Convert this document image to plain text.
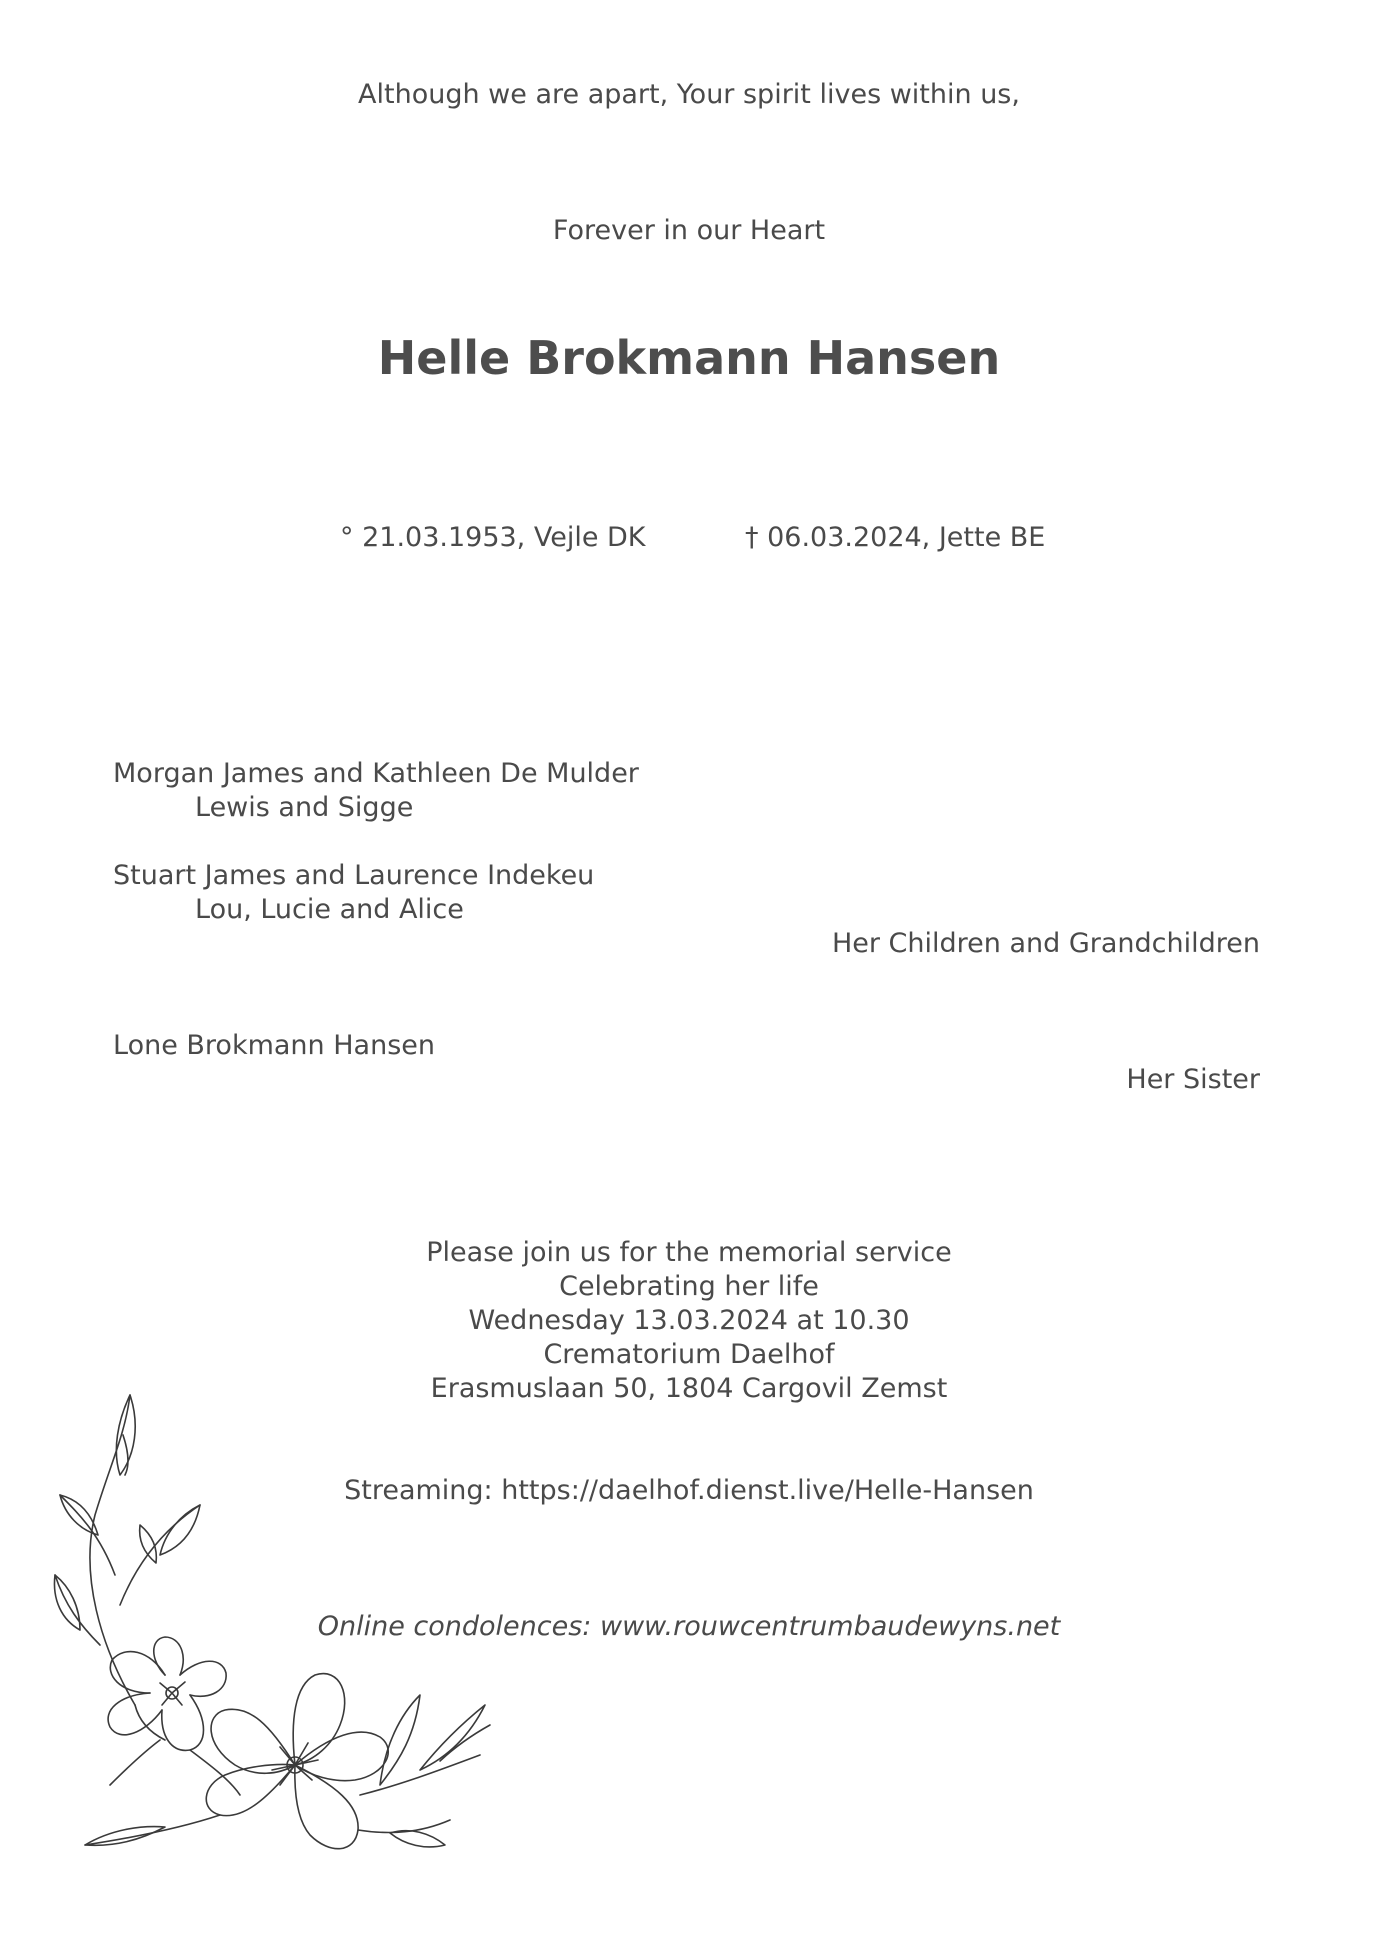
Although we are apart, Your spirit lives within us,
Forever in our Heart
Helle Brokmann Hansen
° 21.03.1953, Vejle DK	† 06.03.2024, Jette BE
Morgan James and Kathleen De Mulder
Lewis and Sigge
Stuart James and Laurence Indekeu
Lou, Lucie and Alice
Her Children and Grandchildren
Lone Brokmann Hansen
Her Sister
Please join us for the memorial service
Celebrating her life
Wednesday 13.03.2024 at 10.30
Crematorium Daelhof
Erasmuslaan 50, 1804 Cargovil Zemst
Streaming: https://daelhof.dienst.live/Helle-Hansen
Online condolences: www.rouwcentrumbaudewyns.net
